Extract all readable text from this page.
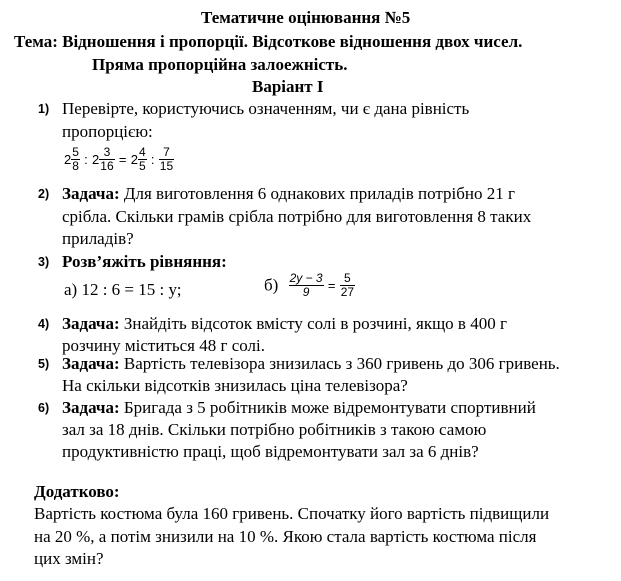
Тематичне оцінювання №5
Тема: Відношення і пропорції. Відсоткове відношення двох чисел.
Пряма пропорційна залоежність.
Варіант І
1) Перевірте, користуючись означенням, чи є дана рівність
пропорцією:
$2 \frac{5}{8}$ : $2 \frac{3}{16} = 2 \frac{4}{5}$ : $\frac{7}{15}$
2) Задача: Для виготовлення 6 однакових приладів потрібно 21 г
срібла. Скільки грамів срібла потрібно для виготовлення 8 таких
приладів?
3) Розв’яжіть рівняння:
а) 12 : 6 = 15 : у;	$б) \frac{2y - 3}{9} = \frac{5}{27}$
4) Задача: Знайдіть відсоток вмісту солі в розчині, якщо в 400 г
розчину міститься 48 г солі.
5) Задача: Вартість телевізора знизилась з 360 гривень до 306 гривень.
На скільки відсотків знизилась ціна телевізора?
6) Задача: Бригада з 5 робітників може відремонтувати спортивний
зал за 18 днів. Скільки потрібно робітників з такою самою
продуктивністю праці, щоб відремонтувати зал за 6 днів?
Додатково:
Вартість костюма була 160 гривень. Спочатку його вартість підвищили
на 20 %, а потім знизили на 10 %. Якою стала вартість костюма після
цих змін?
